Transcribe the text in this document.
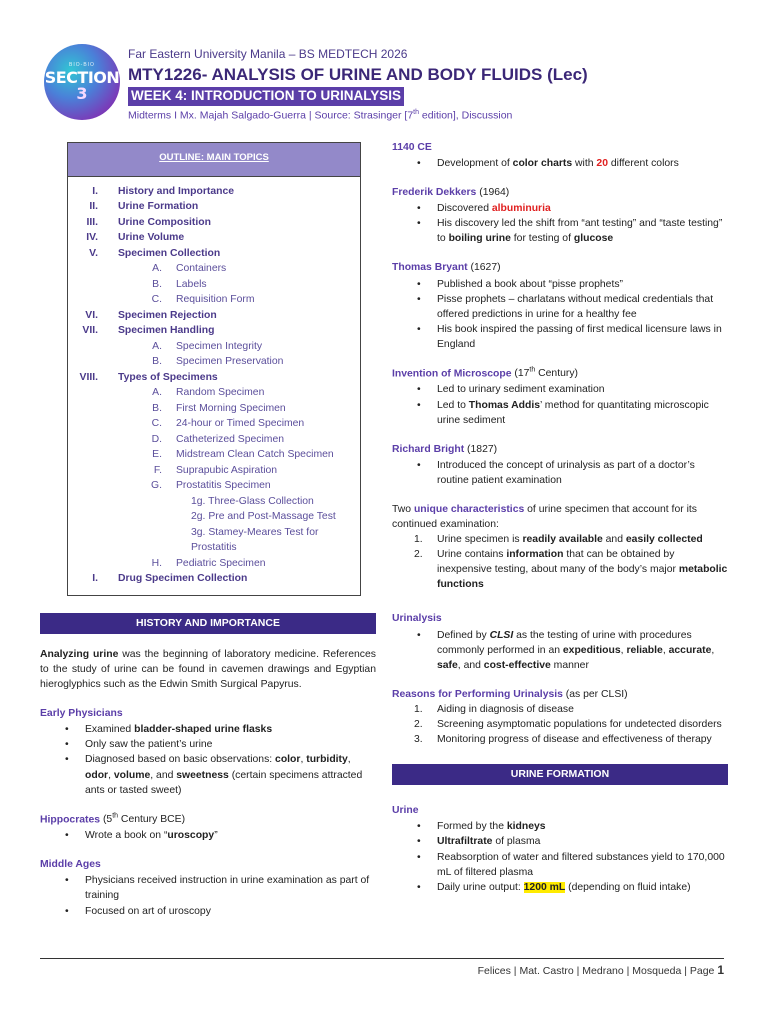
BIO-BIO
SECTION
3
Far Eastern University Manila – BS MEDTECH 2026
MTY1226- ANALYSIS OF URINE AND BODY FLUIDS (Lec)
WEEK 4: INTRODUCTION TO URINALYSIS
Midterms I Mx. Majah Salgado-Guerra | Source: Strasinger [7th edition], Discussion
OUTLINE: MAIN TOPICS
I.	History and Importance
II.	Urine Formation
III.	Urine Composition
IV.	Urine Volume
V.	Specimen Collection
A.	Containers
B.	Labels
C.	Requisition Form
VI.	Specimen Rejection
VII.	Specimen Handling
A.	Specimen Integrity
B.	Specimen Preservation
VIII.	Types of Specimens
A.	Random Specimen
B.	First Morning Specimen
C.	24-hour or Timed Specimen
D.	Catheterized Specimen
E.	Midstream Clean Catch Specimen
F.	Suprapubic Aspiration
G.	Prostatitis Specimen
1g. Three-Glass Collection
2g. Pre and Post-Massage Test
3g. Stamey-Meares Test for Prostatitis
H.	Pediatric Specimen
I.	Drug Specimen Collection
HISTORY AND IMPORTANCE

Analyzing urine was the beginning of laboratory medicine. References to the study of urine can be found in cavemen drawings and Egyptian hieroglyphics such as the Edwin Smith Surgical Papyrus.

Early Physicians
• Examined bladder-shaped urine flasks
• Only saw the patient’s urine
• Diagnosed based on basic observations: color, turbidity, odor, volume, and sweetness (certain specimens attracted ants or tasted sweet)
Hippocrates (5th Century BCE)
• Wrote a book on “uroscopy”
Middle Ages
• Physicians received instruction in urine examination as part of training
• Focused on art of uroscopy
1140 CE
• Development of color charts with 20 different colors
Frederik Dekkers (1964)
• Discovered albuminuria
• His discovery led the shift from “ant testing” and “taste testing” to boiling urine for testing of glucose
Thomas Bryant (1627)
• Published a book about “pisse prophets”
• Pisse prophets – charlatans without medical credentials that offered predictions in urine for a healthy fee
• His book inspired the passing of first medical licensure laws in England
Invention of Microscope (17th Century)
• Led to urinary sediment examination
• Led to Thomas Addis’ method for quantitating microscopic urine sediment
Richard Bright (1827)
• Introduced the concept of urinalysis as part of a doctor’s routine patient examination

Two unique characteristics of urine specimen that account for its continued examination:

1. Urine specimen is readily available and easily collected
2. Urine contains information that can be obtained by inexpensive testing, about many of the body’s major metabolic functions
Urinalysis
• Defined by CLSI as the testing of urine with procedures commonly performed in an expeditious, reliable, accurate, safe, and cost-effective manner
Reasons for Performing Urinalysis (as per CLSI)
1. Aiding in diagnosis of disease
2. Screening asymptomatic populations for undetected disorders
3. Monitoring progress of disease and effectiveness of therapy
URINE FORMATION
Urine
• Formed by the kidneys
• Ultrafiltrate of plasma
• Reabsorption of water and filtered substances yield to 170,000 mL of filtered plasma
• Daily urine output: 1200 mL (depending on fluid intake)
Felices | Mat. Castro | Medrano | Mosqueda | Page 1
